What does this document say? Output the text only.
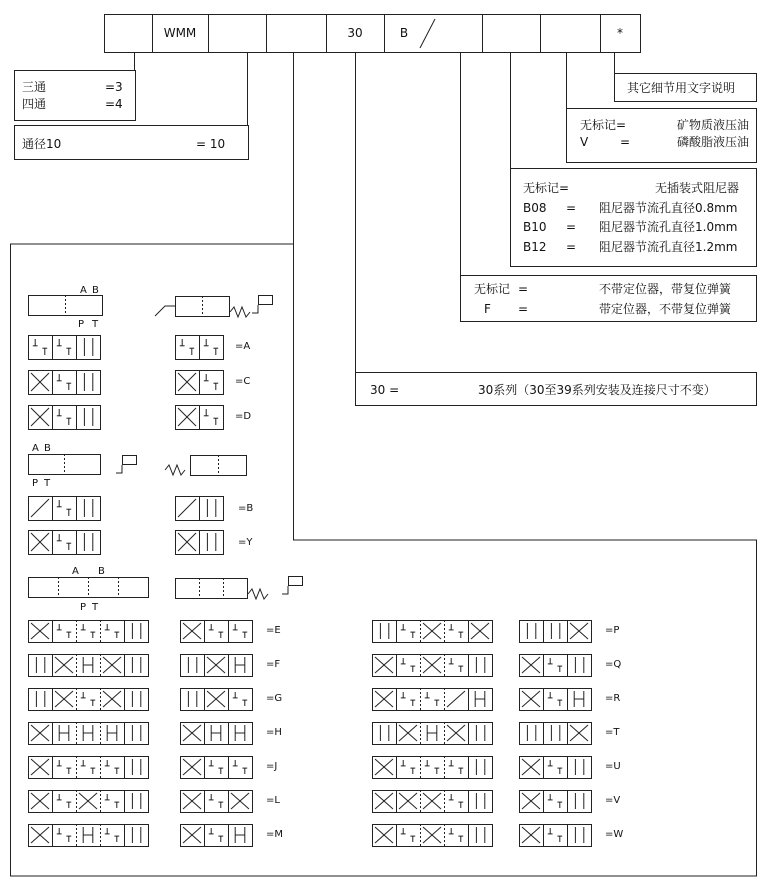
WMM	30	B	*
三通	=3
四通	=4
通径10	= 10
其它细节用文字说明
无标记=	矿物质液压油
V	=	磷酸脂液压油
无标记=	无插装式阻尼器
B08 = 阻尼器节流孔直径0.8mm
B10 = 阻尼器节流孔直径1.0mm
B12 = 阻尼器节流孔直径1.2mm
无标记 =	不带定位器，带复位弹簧
F =	带定位器，不带复位弹簧
30 =	30系列（30至39系列安装及连接尺寸不变）
A B
P T
=A
=C
=D
A B
P T
=B
=Y
A B
P T
=E	=P
=F	=Q
=G	=R
=H	=T
=J	=U
=L	=V
=M	=W
